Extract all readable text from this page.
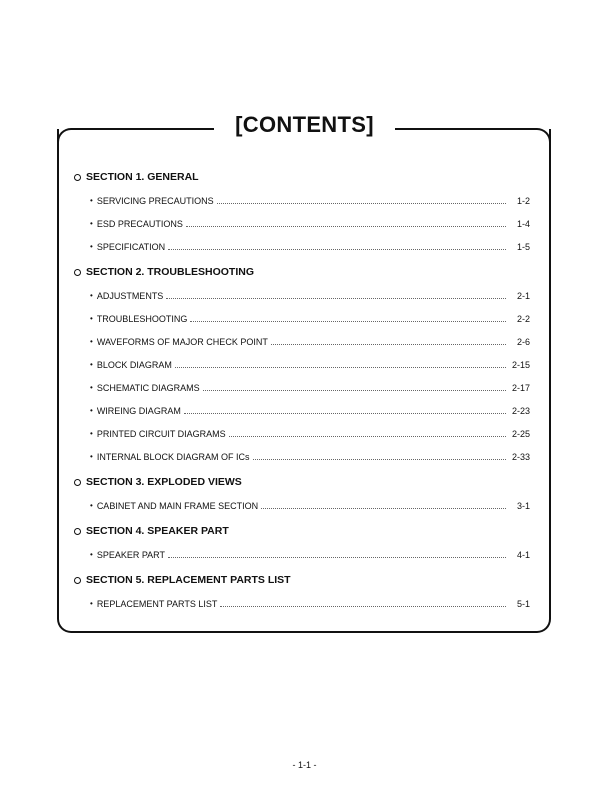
[CONTENTS]
SECTION 1. GENERAL
• SERVICING PRECAUTIONS	1-2
• ESD PRECAUTIONS	1-4
• SPECIFICATION	1-5
SECTION 2. TROUBLESHOOTING
• ADJUSTMENTS	2-1
• TROUBLESHOOTING	2-2
• WAVEFORMS OF MAJOR CHECK POINT	2-6
• BLOCK DIAGRAM	2-15
• SCHEMATIC DIAGRAMS	2-17
• WIREING DIAGRAM	2-23
• PRINTED CIRCUIT DIAGRAMS	2-25
• INTERNAL BLOCK DIAGRAM OF ICs	2-33
SECTION 3. EXPLODED VIEWS
• CABINET AND MAIN FRAME SECTION	3-1
SECTION 4. SPEAKER PART
• SPEAKER PART	4-1
SECTION 5. REPLACEMENT PARTS LIST
• REPLACEMENT PARTS LIST	5-1
- 1-1 -
